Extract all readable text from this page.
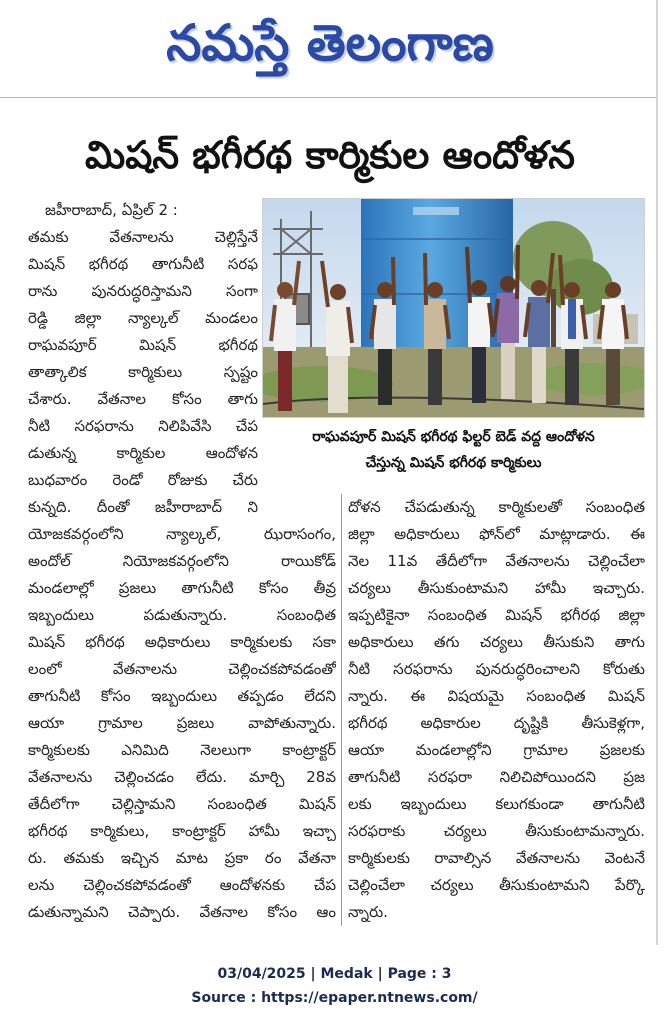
నమస్తే తెలంగాణ
మిషన్ భగీరథ కార్మికుల ఆందోళన
జహీరాబాద్, ఏప్రిల్ 2 :
తమకు వేతనాలను చెల్లిస్తేనే
మిషన్ భగీరథ తాగునీటి సరఫ
రాను పునరుద్ధరిస్తామని సంగా
రెడ్డి జిల్లా న్యాల్కల్ మండలం
రాఘవపూర్ మిషన్ భగీరథ
తాత్కాలిక కార్మికులు స్పష్టం
చేశారు. వేతనాల కోసం తాగు
నీటి సరఫరాను నిలిపివేసి చేప
డుతున్న కార్మికుల ఆందోళన
బుధవారం రెండో రోజుకు చేరు
కున్నది. దీంతో జహీరాబాద్ ని
రాఘవపూర్ మిషన్ భగీరథ ఫిల్టర్ బెడ్ వద్ద ఆందోళన
చేస్తున్న మిషన్ భగీరథ కార్మికులు
యోజకవర్గంలోని న్యాల్కల్, ఝరాసంగం,
అందోల్ నియోజకవర్గంలోని రాయికోడ్
మండలాల్లో ప్రజలు తాగునీటి కోసం తీవ్ర
ఇబ్బందులు పడుతున్నారు. సంబంధిత
మిషన్ భగీరథ అధికారులు కార్మికులకు సకా
లంలో వేతనాలను చెల్లించకపోవడంతో
తాగునీటి కోసం ఇబ్బందులు తప్పడం లేదని
ఆయా గ్రామాల ప్రజలు వాపోతున్నారు.
కార్మికులకు ఎనిమిది నెలలుగా కాంట్రాక్టర్
వేతనాలను చెల్లించడం లేదు. మార్చి 28వ
తేదీలోగా చెల్లిస్తామని సంబంధిత మిషన్
భగీరథ కార్మికులు, కాంట్రాక్టర్ హామీ ఇచ్చా
రు. తమకు ఇచ్చిన మాట ప్రకా రం వేతనా
లను చెల్లించకపోవడంతో ఆందోళనకు చేప
డుతున్నామని చెప్పారు. వేతనాల కోసం ఆం
దోళన చేపడుతున్న కార్మికులతో సంబంధిత
జిల్లా అధికారులు ఫోన్‌లో మాట్లాడారు. ఈ
నెల 11వ తేదీలోగా వేతనాలను చెల్లించేలా
చర్యలు తీసుకుంటామని హామీ ఇచ్చారు.
ఇప్పటికైనా సంబంధిత మిషన్ భగీరథ జిల్లా
అధికారులు తగు చర్యలు తీసుకుని తాగు
నీటి సరఫరాను పునరుద్ధరించాలని కోరుతు
న్నారు. ఈ విషయమై సంబంధిత మిషన్
భగీరథ అధికారుల దృష్టికి తీసుకెళ్లగా,
ఆయా మండలాల్లోని గ్రామాల ప్రజలకు
తాగునీటి సరఫరా నిలిచిపోయిందని ప్రజ
లకు ఇబ్బందులు కలుగకుండా తాగునీటి
సరఫరాకు చర్యలు తీసుకుంటామన్నారు.
కార్మికులకు రావాల్సిన వేతనాలను వెంటనే
చెల్లించేలా చర్యలు తీసుకుంటామని పేర్కొ
న్నారు.
03/04/2025 | Medak | Page : 3
Source : https://epaper.ntnews.com/
